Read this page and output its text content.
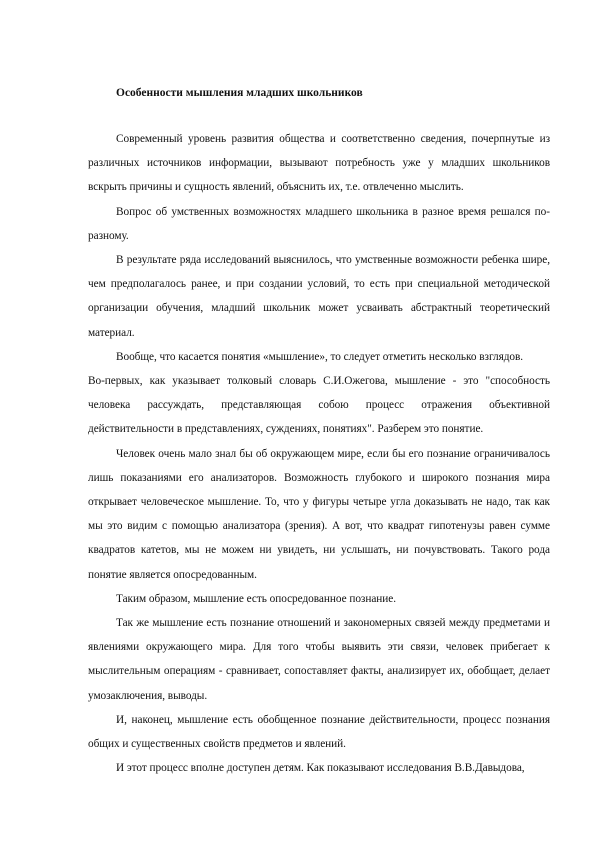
Особенности мышления младших школьников

Современный уровень развития общества и соответственно сведения, почерпнутые из различных источников информации, вызывают потребность уже у младших школьников вскрыть причины и сущность явлений, объяснить их, т.е. отвлеченно мыслить.

Вопрос об умственных возможностях младшего школьника в разное время решался по-разному.

В результате ряда исследований выяснилось, что умственные возможности ребенка шире, чем предполагалось ранее, и при создании условий, то есть при специальной методической организации обучения, младший школьник может усваивать абстрактный теоретический материал.

Вообще, что касается понятия «мышление», то следует отметить несколько взглядов.

Во-первых, как указывает толковый словарь С.И.Ожегова, мышление - это "способность человека рассуждать, представляющая собою процесс отражения объективной действительности в представлениях, суждениях, понятиях". Разберем это понятие.

Человек очень мало знал бы об окружающем мире, если бы его познание ограничивалось лишь показаниями его анализаторов. Возможность глубокого и широкого познания мира открывает человеческое мышление. То, что у фигуры четыре угла доказывать не надо, так как мы это видим с помощью анализатора (зрения). А вот, что квадрат гипотенузы равен сумме квадратов катетов, мы не можем ни увидеть, ни услышать, ни почувствовать. Такого рода понятие является опосредованным.

Таким образом, мышление есть опосредованное познание.

Так же мышление есть познание отношений и закономерных связей между предметами и явлениями окружающего мира. Для того чтобы выявить эти связи, человек прибегает к мыслительным операциям - сравнивает, сопоставляет факты, анализирует их, обобщает, делает умозаключения, выводы.

И, наконец, мышление есть обобщенное познание действительности, процесс познания общих и существенных свойств предметов и явлений.

И этот процесс вполне доступен детям. Как показывают исследования В.В.Давыдова,
